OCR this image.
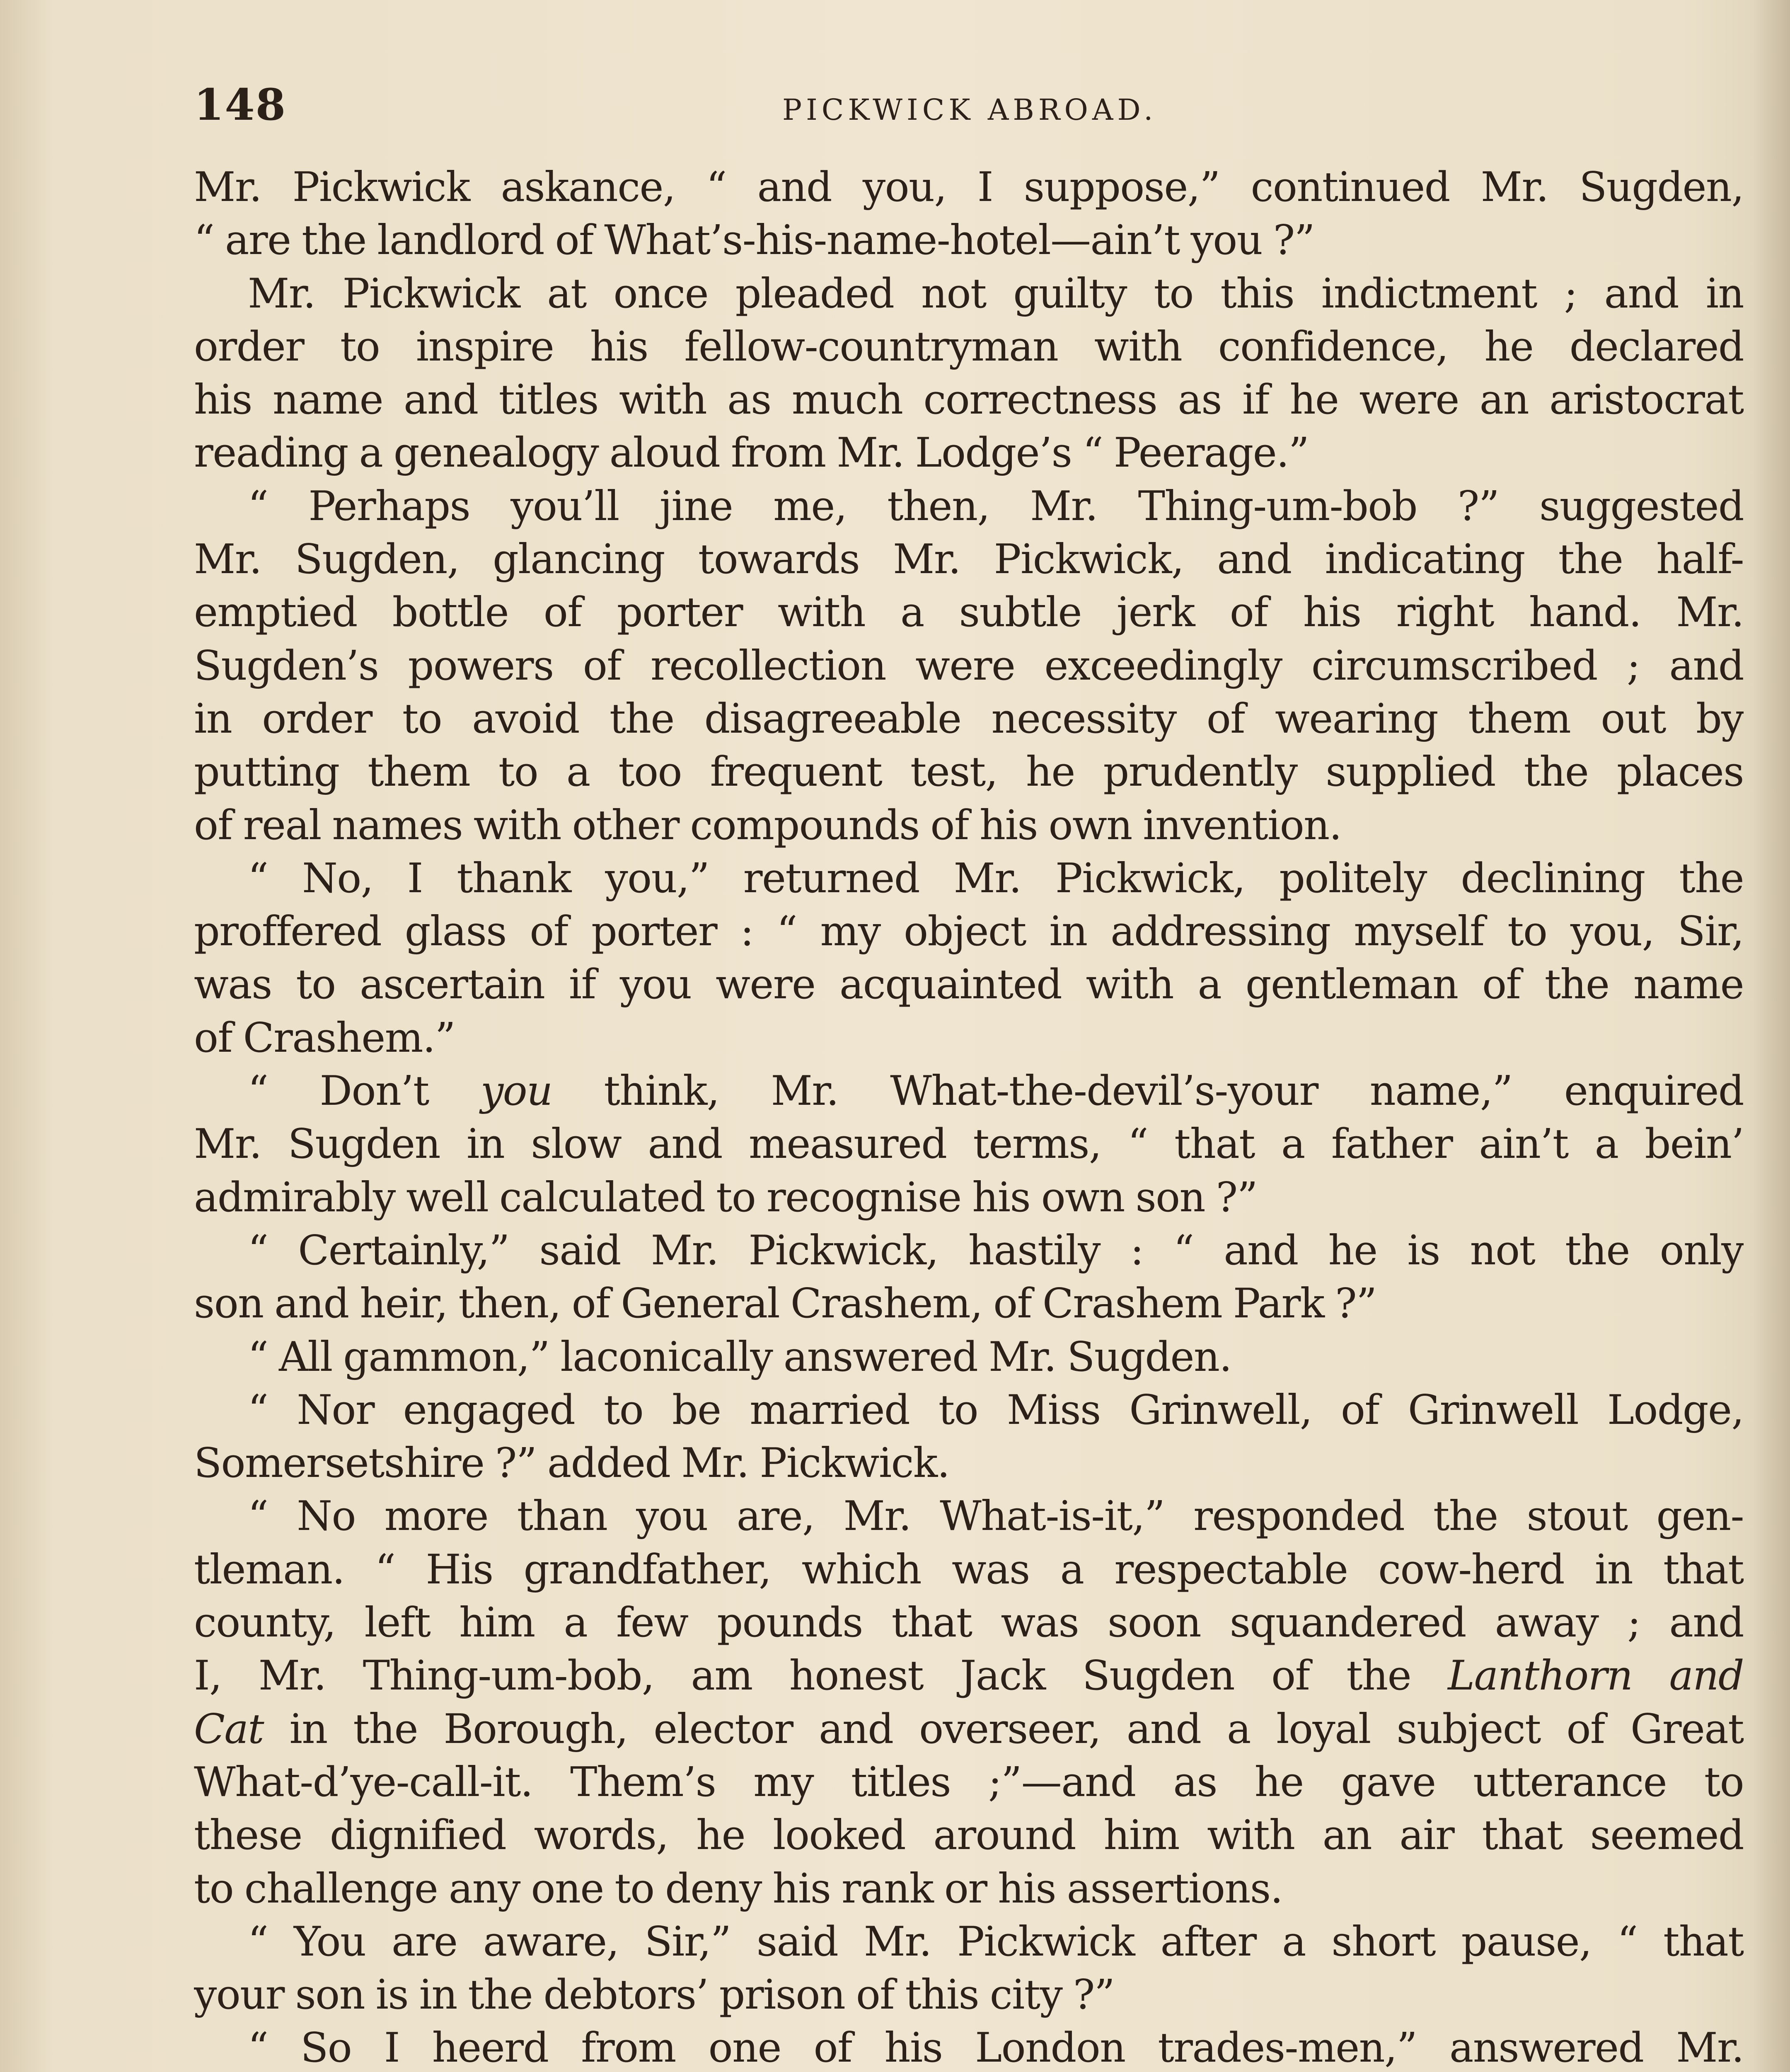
148	PICKWICK ABROAD.
Mr. Pickwick askance, “ and you, I suppose,” continued Mr. Sugden,
“ are the landlord of What’s-his-name-hotel—ain’t you ?”
Mr. Pickwick at once pleaded not guilty to this indictment ; and in
order to inspire his fellow-countryman with confidence, he declared
his name and titles with as much correctness as if he were an aristocrat
reading a genealogy aloud from Mr. Lodge’s “ Peerage.”
“ Perhaps you’ll jine me, then, Mr. Thing-um-bob ?” suggested
Mr. Sugden, glancing towards Mr. Pickwick, and indicating the half-
emptied bottle of porter with a subtle jerk of his right hand. Mr.
Sugden’s powers of recollection were exceedingly circumscribed ; and
in order to avoid the disagreeable necessity of wearing them out by
putting them to a too frequent test, he prudently supplied the places
of real names with other compounds of his own invention.
“ No, I thank you,” returned Mr. Pickwick, politely declining the
proffered glass of porter : “ my object in addressing myself to you, Sir,
was to ascertain if you were acquainted with a gentleman of the name
of Crashem.”
“ Don’t you think, Mr. What-the-devil’s-your name,” enquired
Mr. Sugden in slow and measured terms, “ that a father ain’t a bein’
admirably well calculated to recognise his own son ?”
“ Certainly,” said Mr. Pickwick, hastily : “ and he is not the only
son and heir, then, of General Crashem, of Crashem Park ?”
“ All gammon,” laconically answered Mr. Sugden.
“ Nor engaged to be married to Miss Grinwell, of Grinwell Lodge,
Somersetshire ?” added Mr. Pickwick.
“ No more than you are, Mr. What-is-it,” responded the stout gen-
tleman. “ His grandfather, which was a respectable cow-herd in that
county, left him a few pounds that was soon squandered away ; and
I, Mr. Thing-um-bob, am honest Jack Sugden of the Lanthorn and
Cat in the Borough, elector and overseer, and a loyal subject of Great
What-d’ye-call-it. Them’s my titles ;”—and as he gave utterance to
these dignified words, he looked around him with an air that seemed
to challenge any one to deny his rank or his assertions.
“ You are aware, Sir,” said Mr. Pickwick after a short pause, “ that
your son is in the debtors’ prison of this city ?”
“ So I heerd from one of his London trades-men,” answered Mr.
